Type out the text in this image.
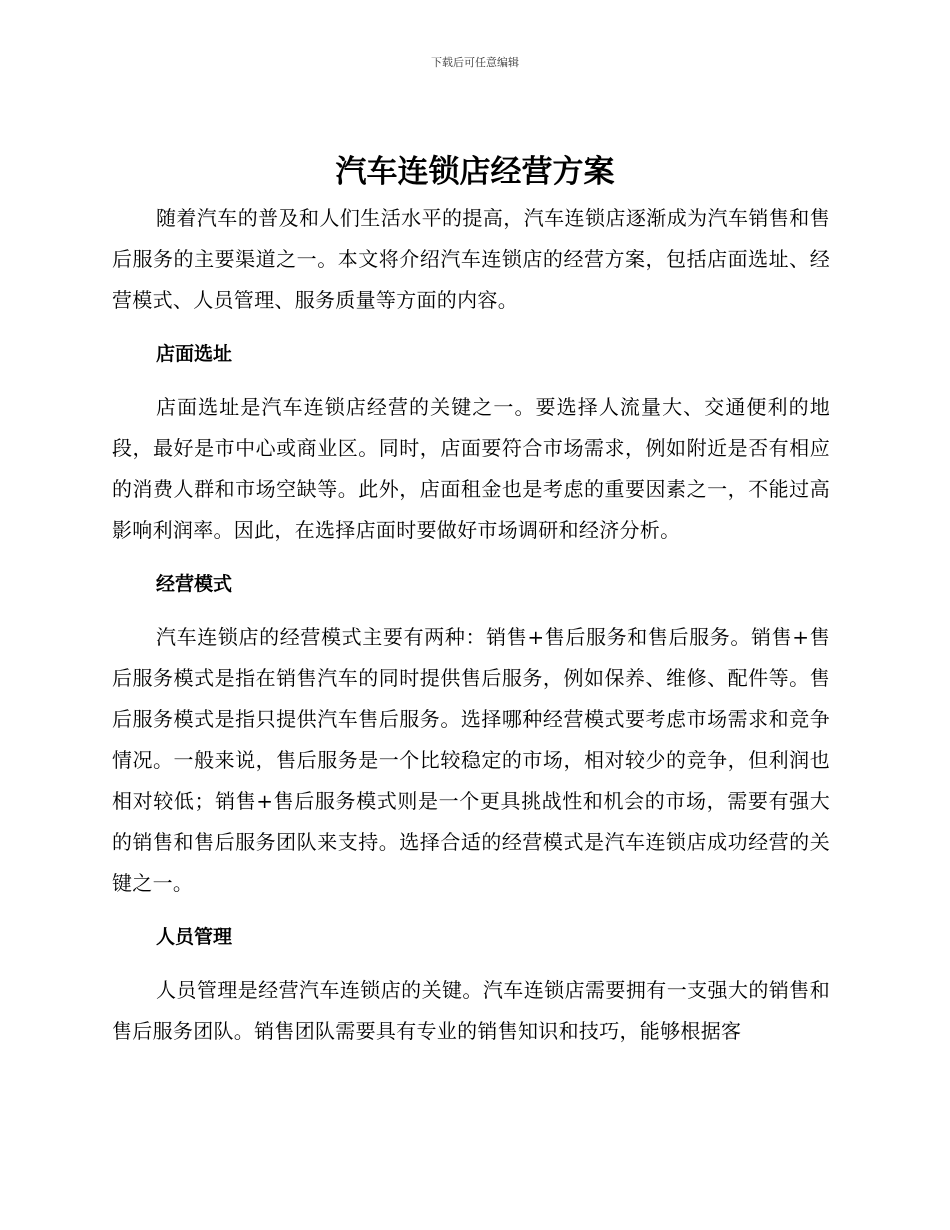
下载后可任意编辑
汽车连锁店经营方案

随着汽车的普及和人们生活水平的提高，汽车连锁店逐渐成为汽车销售和售后服务的主要渠道之一。本文将介绍汽车连锁店的经营方案，包括店面选址、经营模式、人员管理、服务质量等方面的内容。

店面选址

店面选址是汽车连锁店经营的关键之一。要选择人流量大、交通便利的地段，最好是市中心或商业区。同时，店面要符合市场需求，例如附近是否有相应的消费人群和市场空缺等。此外，店面租金也是考虑的重要因素之一，不能过高影响利润率。因此，在选择店面时要做好市场调研和经济分析。

经营模式

汽车连锁店的经营模式主要有两种：销售+售后服务和售后服务。销售+售后服务模式是指在销售汽车的同时提供售后服务，例如保养、维修、配件等。售后服务模式是指只提供汽车售后服务。选择哪种经营模式要考虑市场需求和竞争情况。一般来说，售后服务是一个比较稳定的市场，相对较少的竞争，但利润也相对较低；销售+售后服务模式则是一个更具挑战性和机会的市场，需要有强大的销售和售后服务团队来支持。选择合适的经营模式是汽车连锁店成功经营的关键之一。

人员管理

人员管理是经营汽车连锁店的关键。汽车连锁店需要拥有一支强大的销售和售后服务团队。销售团队需要具有专业的销售知识和技巧，能够根据客
